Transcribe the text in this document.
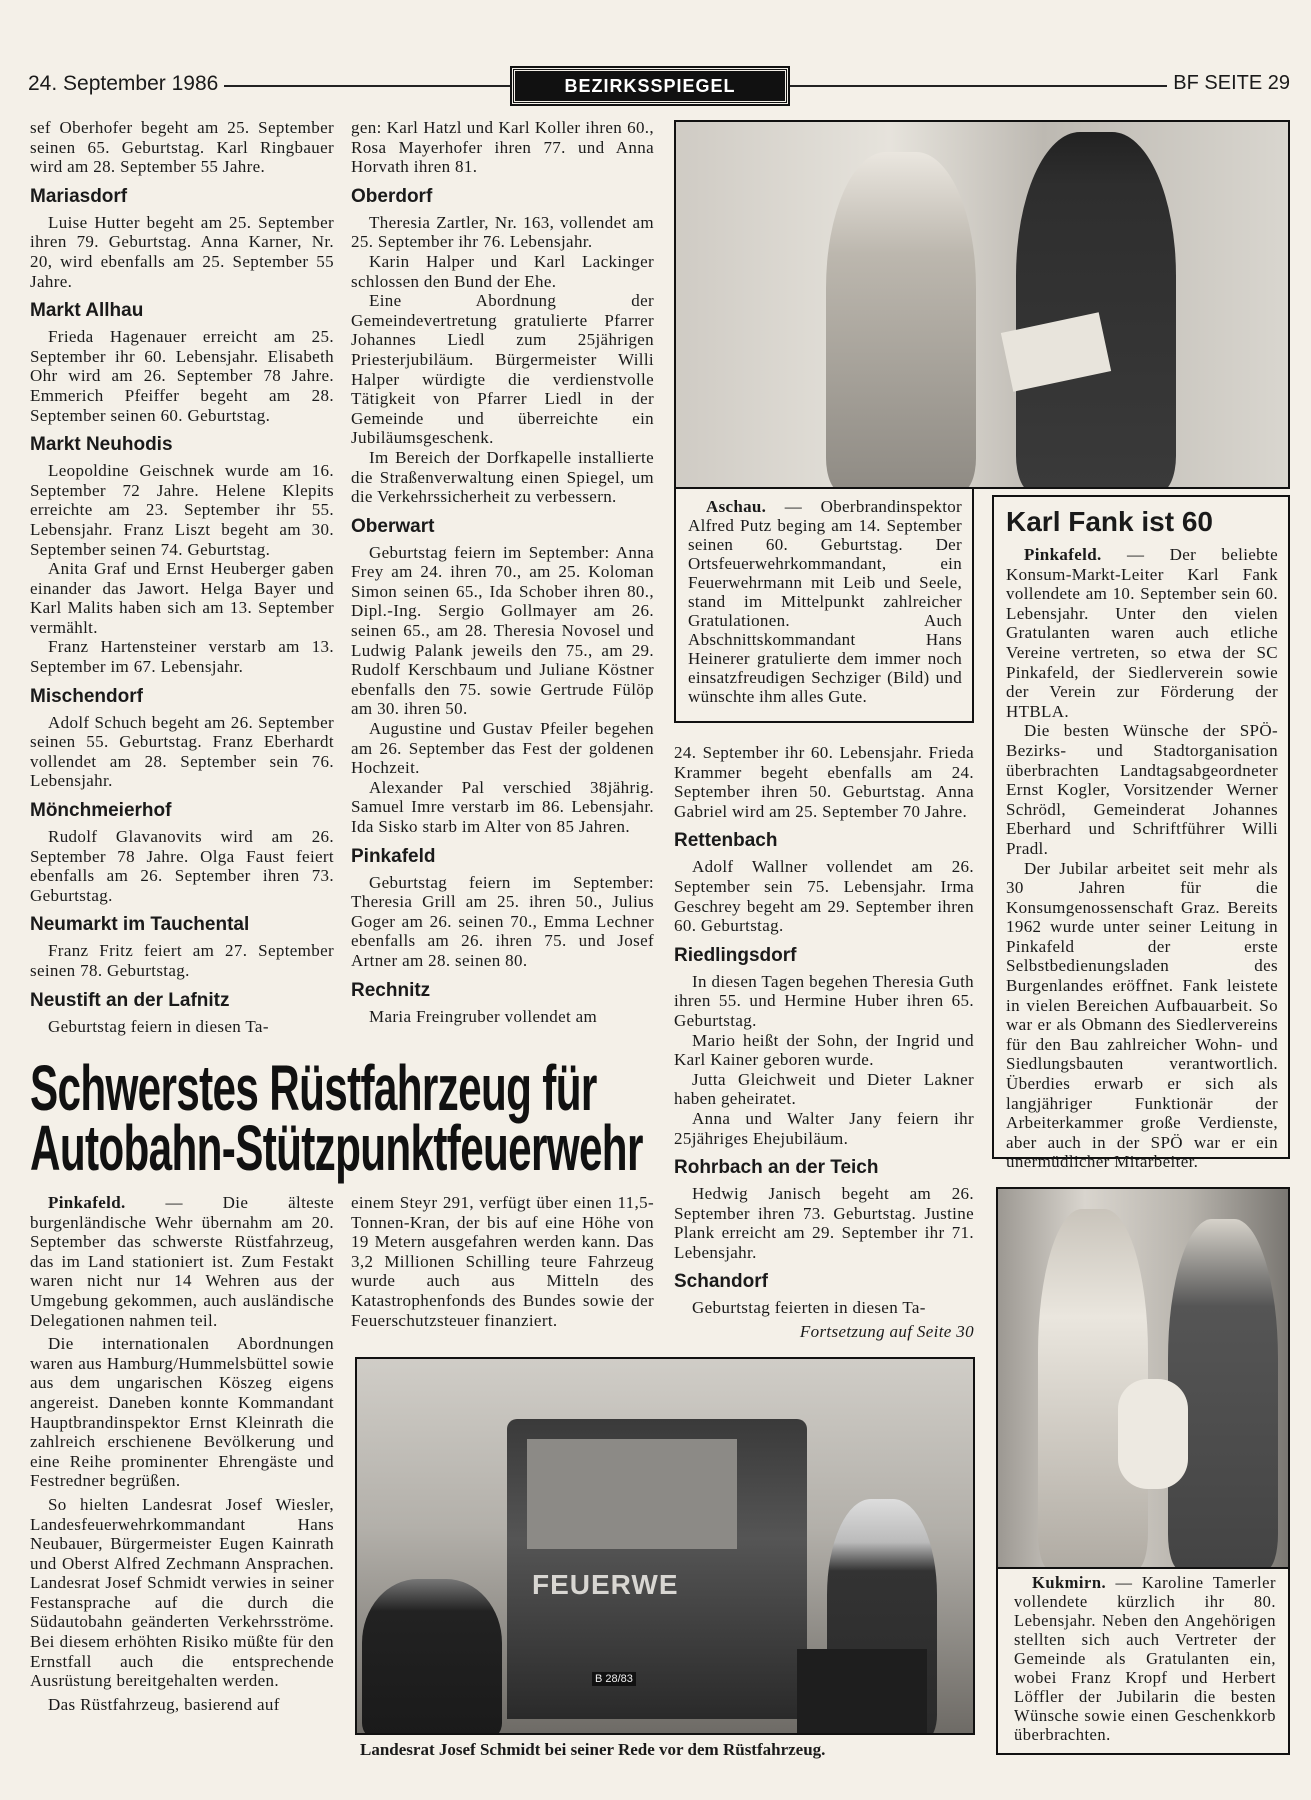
24. September 1986	BEZIRKSSPIEGEL	BF SEITE 29

sef Oberhofer begeht am 25. September seinen 65. Geburtstag. Karl Ringbauer wird am 28. September 55 Jahre.

Mariasdorf

Luise Hutter begeht am 25. September ihren 79. Geburtstag. Anna Karner, Nr. 20, wird ebenfalls am 25. September 55 Jahre.

Markt Allhau

Frieda Hagenauer erreicht am 25. September ihr 60. Lebensjahr. Elisabeth Ohr wird am 26. September 78 Jahre. Emmerich Pfeiffer begeht am 28. September seinen 60. Geburtstag.

Markt Neuhodis

Leopoldine Geischnek wurde am 16. September 72 Jahre. Helene Klepits erreichte am 23. September ihr 55. Lebensjahr. Franz Liszt begeht am 30. September seinen 74. Geburtstag.

Anita Graf und Ernst Heuberger gaben einander das Jawort. Helga Bayer und Karl Malits haben sich am 13. September vermählt.

Franz Hartensteiner verstarb am 13. September im 67. Lebensjahr.

Mischendorf

Adolf Schuch begeht am 26. September seinen 55. Geburtstag. Franz Eberhardt vollendet am 28. September sein 76. Lebensjahr.

Mönchmeierhof

Rudolf Glavanovits wird am 26. September 78 Jahre. Olga Faust feiert ebenfalls am 26. September ihren 73. Geburtstag.

Neumarkt im Tauchental

Franz Fritz feiert am 27. September seinen 78. Geburtstag.

Neustift an der Lafnitz

Geburtstag feiern in diesen Ta-

gen: Karl Hatzl und Karl Koller ihren 60., Rosa Mayerhofer ihren 77. und Anna Horvath ihren 81.

Oberdorf

Theresia Zartler, Nr. 163, vollendet am 25. September ihr 76. Lebensjahr.

Karin Halper und Karl Lackinger schlossen den Bund der Ehe.

Eine Abordnung der Gemeindevertretung gratulierte Pfarrer Johannes Liedl zum 25jährigen Priesterjubiläum. Bürgermeister Willi Halper würdigte die verdienstvolle Tätigkeit von Pfarrer Liedl in der Gemeinde und überreichte ein Jubiläumsgeschenk.

Im Bereich der Dorfkapelle installierte die Straßenverwaltung einen Spiegel, um die Verkehrssicherheit zu verbessern.

Oberwart

Geburtstag feiern im September: Anna Frey am 24. ihren 70., am 25. Koloman Simon seinen 65., Ida Schober ihren 80., Dipl.-Ing. Sergio Gollmayer am 26. seinen 65., am 28. Theresia Novosel und Ludwig Palank jeweils den 75., am 29. Rudolf Kerschbaum und Juliane Köstner ebenfalls den 75. sowie Gertrude Fülöp am 30. ihren 50.

Augustine und Gustav Pfeiler begehen am 26. September das Fest der goldenen Hochzeit.

Alexander Pal verschied 38jährig. Samuel Imre verstarb im 86. Lebensjahr. Ida Sisko starb im Alter von 85 Jahren.

Pinkafeld

Geburtstag feiern im September: Theresia Grill am 25. ihren 50., Julius Goger am 26. seinen 70., Emma Lechner ebenfalls am 26. ihren 75. und Josef Artner am 28. seinen 80.

Rechnitz

Maria Freingruber vollendet am

Aschau. — Oberbrandinspektor Alfred Putz beging am 14. September seinen 60. Geburtstag. Der Ortsfeuerwehrkommandant, ein Feuerwehrmann mit Leib und Seele, stand im Mittelpunkt zahlreicher Gratulationen. Auch Abschnittskommandant Hans Heinerer gratulierte dem immer noch einsatzfreudigen Sechziger (Bild) und wünschte ihm alles Gute.

24. September ihr 60. Lebensjahr. Frieda Krammer begeht ebenfalls am 24. September ihren 50. Geburtstag. Anna Gabriel wird am 25. September 70 Jahre.

Rettenbach

Adolf Wallner vollendet am 26. September sein 75. Lebensjahr. Irma Geschrey begeht am 29. September ihren 60. Geburtstag.

Riedlingsdorf

In diesen Tagen begehen Theresia Guth ihren 55. und Hermine Huber ihren 65. Geburtstag.

Mario heißt der Sohn, der Ingrid und Karl Kainer geboren wurde.

Jutta Gleichweit und Dieter Lakner haben geheiratet.

Anna und Walter Jany feiern ihr 25jähriges Ehejubiläum.

Rohrbach an der Teich

Hedwig Janisch begeht am 26. September ihren 73. Geburtstag. Justine Plank erreicht am 29. September ihr 71. Lebensjahr.

Schandorf

Geburtstag feierten in diesen Ta-

Fortsetzung auf Seite 30
Karl Fank ist 60

Pinkafeld. — Der beliebte Konsum-Markt-Leiter Karl Fank vollendete am 10. September sein 60. Lebensjahr. Unter den vielen Gratulanten waren auch etliche Vereine vertreten, so etwa der SC Pinkafeld, der Siedlerverein sowie der Verein zur Förderung der HTBLA.

Die besten Wünsche der SPÖ-Bezirks- und Stadtorganisation überbrachten Landtagsabgeordneter Ernst Kogler, Vorsitzender Werner Schrödl, Gemeinderat Johannes Eberhard und Schriftführer Willi Pradl.

Der Jubilar arbeitet seit mehr als 30 Jahren für die Konsumgenossenschaft Graz. Bereits 1962 wurde unter seiner Leitung in Pinkafeld der erste Selbstbedienungsladen des Burgenlandes eröffnet. Fank leistete in vielen Bereichen Aufbauarbeit. So war er als Obmann des Siedlervereins für den Bau zahlreicher Wohn- und Siedlungsbauten verantwortlich. Überdies erwarb er sich als langjähriger Funktionär der Arbeiterkammer große Verdienste, aber auch in der SPÖ war er ein unermüdlicher Mitarbeiter.

Kukmirn. — Karoline Tamerler vollendete kürzlich ihr 80. Lebensjahr. Neben den Angehörigen stellten sich auch Vertreter der Gemeinde als Gratulanten ein, wobei Franz Kropf und Herbert Löffler der Jubilarin die besten Wünsche sowie einen Geschenkkorb überbrachten.

Schwerstes Rüstfahrzeug für
Autobahn-Stützpunktfeuerwehr

Pinkafeld. — Die älteste burgenländische Wehr übernahm am 20. September das schwerste Rüstfahrzeug, das im Land stationiert ist. Zum Festakt waren nicht nur 14 Wehren aus der Umgebung gekommen, auch ausländische Delegationen nahmen teil.

Die internationalen Abordnungen waren aus Hamburg/Hummelsbüttel sowie aus dem ungarischen Köszeg eigens angereist. Daneben konnte Kommandant Hauptbrandinspektor Ernst Kleinrath die zahlreich erschienene Bevölkerung und eine Reihe prominenter Ehrengäste und Festredner begrüßen.

So hielten Landesrat Josef Wiesler, Landesfeuerwehrkommandant Hans Neubauer, Bürgermeister Eugen Kainrath und Oberst Alfred Zechmann Ansprachen. Landesrat Josef Schmidt verwies in seiner Festansprache auf die durch die Südautobahn geänderten Verkehrsströme. Bei diesem erhöhten Risiko müßte für den Ernstfall auch die entsprechende Ausrüstung bereitgehalten werden.

Das Rüstfahrzeug, basierend auf

einem Steyr 291, verfügt über einen 11,5-Tonnen-Kran, der bis auf eine Höhe von 19 Metern ausgefahren werden kann. Das 3,2 Millionen Schilling teure Fahrzeug wurde auch aus Mitteln des Katastrophenfonds des Bundes sowie der Feuerschutzsteuer finanziert.

FEUERWE
B 28/83
Landesrat Josef Schmidt bei seiner Rede vor dem Rüstfahrzeug.
